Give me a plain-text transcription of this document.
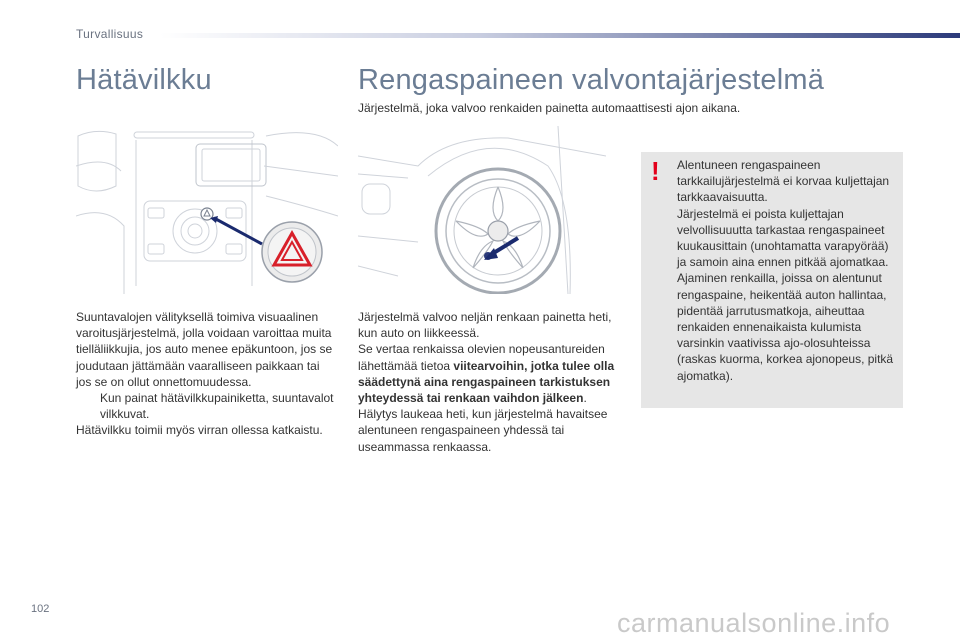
Turvallisuus
Hätävilkku	Rengaspaineen valvontajärjestelmä
Järjestelmä, joka valvoo renkaiden painetta automaattisesti ajon aikana.
Suuntavalojen välityksellä toimiva visuaalinen varoitusjärjestelmä, jolla voidaan varoittaa muita tielläliikkujia, jos auto menee epäkuntoon, jos se joudutaan jättämään vaaralliseen paikkaan tai jos se on ollut onnettomuudessa.
Kun painat hätävilkkupainiketta, suuntavalot vilkkuvat.
Hätävilkku toimii myös virran ollessa katkaistu.
Järjestelmä valvoo neljän renkaan painetta heti, kun auto on liikkeessä.
Se vertaa renkaissa olevien nopeusantureiden lähettämää tietoa viitearvoihin, jotka tulee olla säädettynä aina rengaspaineen tarkistuksen yhteydessä tai renkaan vaihdon jälkeen.
Hälytys laukeaa heti, kun järjestelmä havaitsee alentuneen rengaspaineen yhdessä tai useammassa renkaassa.
! Alentuneen rengaspaineen tarkkailujärjestelmä ei korvaa kuljettajan tarkkaavaisuutta.
Järjestelmä ei poista kuljettajan velvollisuuutta tarkastaa rengaspaineet kuukausittain (unohtamatta varapyörää) ja samoin aina ennen pitkää ajomatkaa.
Ajaminen renkailla, joissa on alentunut rengaspaine, heikentää auton hallintaa, pidentää jarrutusmatkoja, aiheuttaa renkaiden ennenaikaista kulumista varsinkin vaativissa ajo-olosuhteissa (raskas kuorma, korkea ajonopeus, pitkä ajomatka).
102	carmanualsonline.info
